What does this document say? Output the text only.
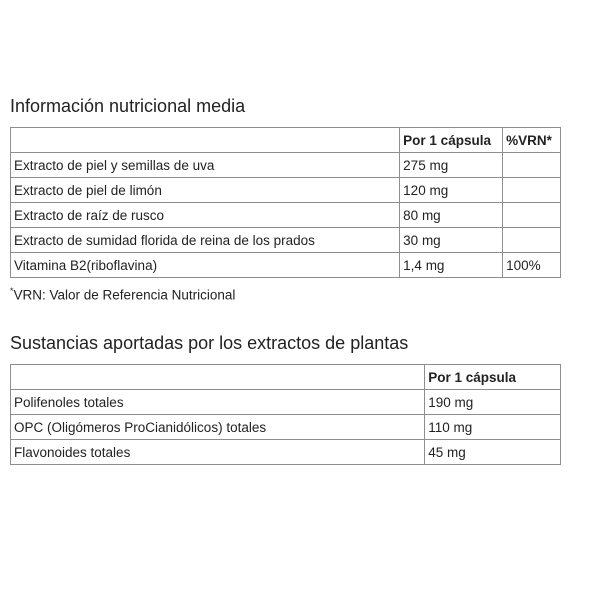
Información nutricional media
	Por 1 cápsula	%VRN*
Extracto de piel y semillas de uva	275 mg	
Extracto de piel de limón	120 mg	
Extracto de raíz de rusco	80 mg	
Extracto de sumidad florida de reina de los prados	30 mg	
Vitamina B2(riboflavina)	1,4 mg	100%
*VRN: Valor de Referencia Nutricional
Sustancias aportadas por los extractos de plantas
	Por 1 cápsula
Polifenoles totales	190 mg
OPC (Oligómeros ProCianidólicos) totales	110 mg
Flavonoides totales	45 mg
